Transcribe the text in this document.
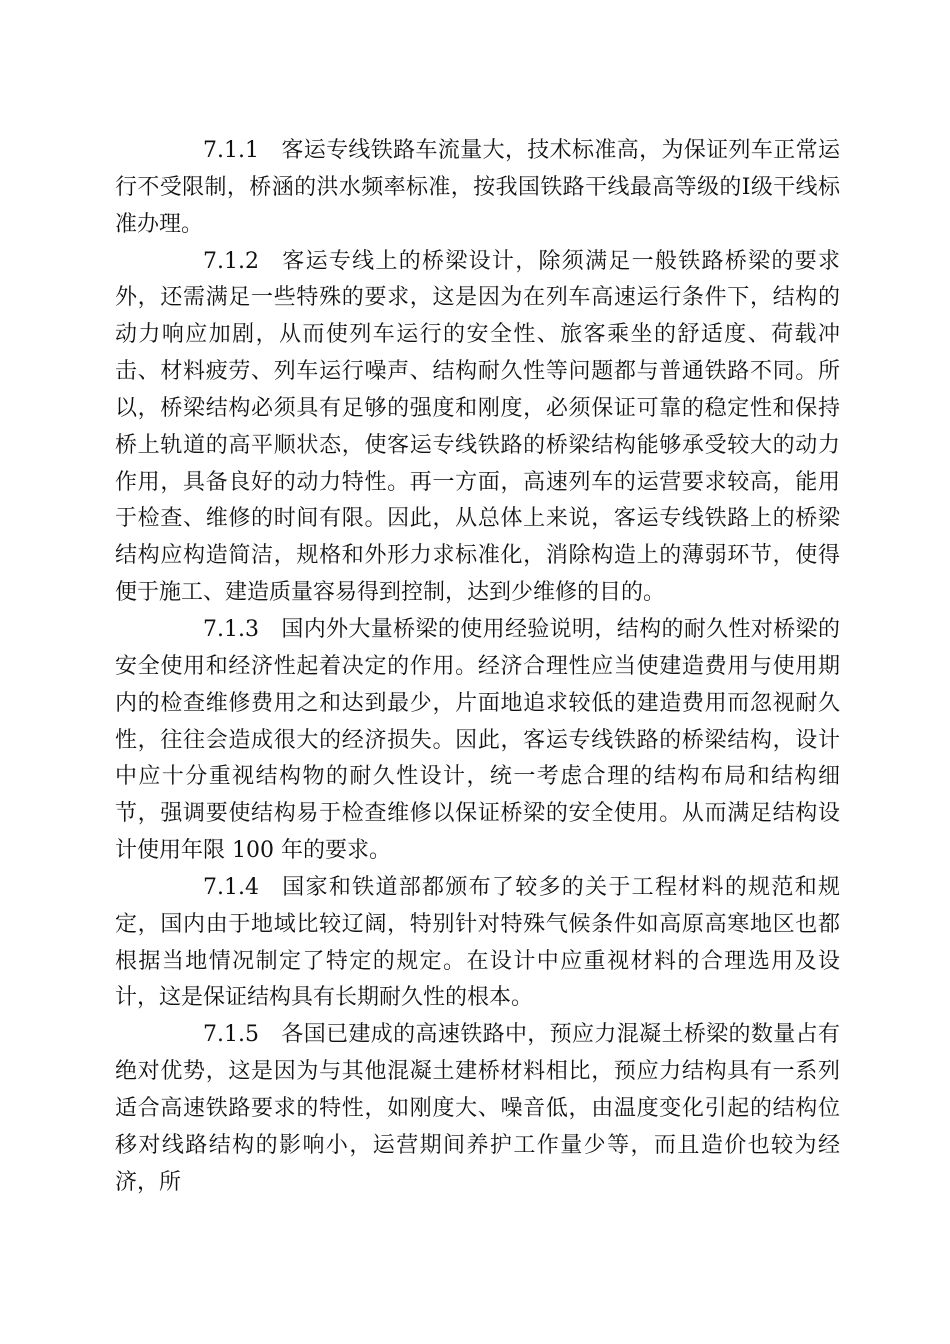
7.1.1 客运专线铁路车流量大，技术标准高，为保证列车正常运行不受限制，桥涵的洪水频率标准，按我国铁路干线最高等级的Ⅰ级干线标准办理。

7.1.2 客运专线上的桥梁设计，除须满足一般铁路桥梁的要求外，还需满足一些特殊的要求，这是因为在列车高速运行条件下，结构的动力响应加剧，从而使列车运行的安全性、旅客乘坐的舒适度、荷载冲击、材料疲劳、列车运行噪声、结构耐久性等问题都与普通铁路不同。所以，桥梁结构必须具有足够的强度和刚度，必须保证可靠的稳定性和保持桥上轨道的高平顺状态，使客运专线铁路的桥梁结构能够承受较大的动力作用，具备良好的动力特性。再一方面，高速列车的运营要求较高，能用于检查、维修的时间有限。因此，从总体上来说，客运专线铁路上的桥梁结构应构造简洁，规格和外形力求标准化，消除构造上的薄弱环节，使得便于施工、建造质量容易得到控制，达到少维修的目的。

7.1.3 国内外大量桥梁的使用经验说明，结构的耐久性对桥梁的安全使用和经济性起着决定的作用。经济合理性应当使建造费用与使用期内的检查维修费用之和达到最少，片面地追求较低的建造费用而忽视耐久性，往往会造成很大的经济损失。因此，客运专线铁路的桥梁结构，设计中应十分重视结构物的耐久性设计，统一考虑合理的结构布局和结构细节，强调要使结构易于检查维修以保证桥梁的安全使用。从而满足结构设计使用年限 100 年的要求。

7.1.4 国家和铁道部都颁布了较多的关于工程材料的规范和规定，国内由于地域比较辽阔，特别针对特殊气候条件如高原高寒地区也都根据当地情况制定了特定的规定。在设计中应重视材料的合理选用及设计，这是保证结构具有长期耐久性的根本。

7.1.5 各国已建成的高速铁路中，预应力混凝土桥梁的数量占有绝对优势，这是因为与其他混凝土建桥材料相比，预应力结构具有一系列适合高速铁路要求的特性，如刚度大、噪音低，由温度变化引起的结构位移对线路结构的影响小，运营期间养护工作量少等，而且造价也较为经济，所
